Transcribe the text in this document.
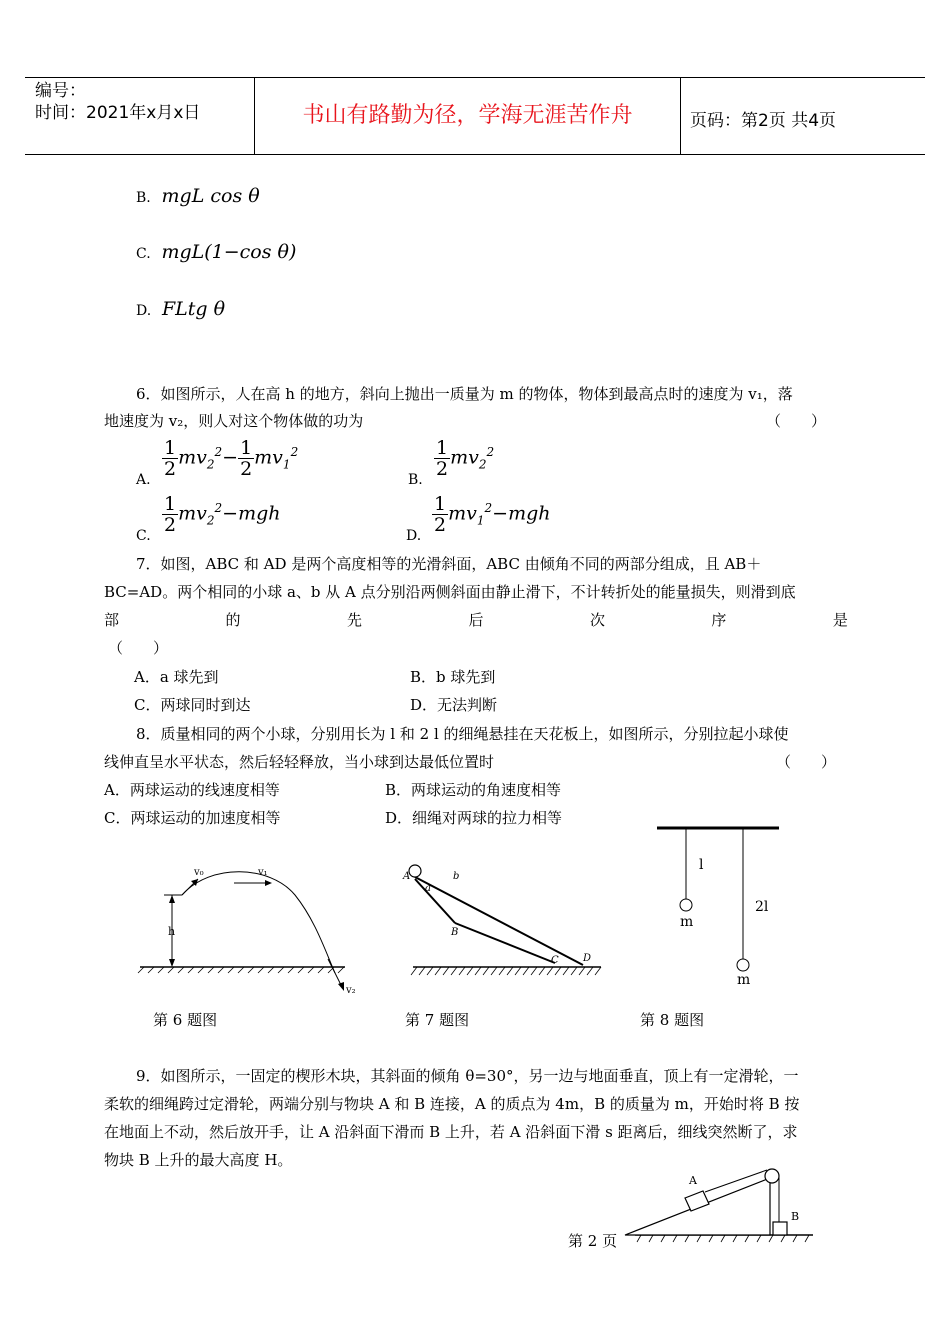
编号：
时间：2021年x月x日	书山有路勤为径，学海无涯苦作舟	页码：第2页 共4页
B. mgL cos θ
C. mgL(1−cos θ)
D. FLtg θ
6．如图所示，人在高 h 的地方，斜向上抛出一质量为 m 的物体，物体到最高点时的速度为 v₁，落
地速度为 v₂，则人对这个物体做的功为	（　　）
A.
$\frac{1}{2} mv_2^2- \frac{1}{2} mv_1^2$
B.
$\frac{1}{2} mv_2^2$
C.
$\frac{1}{2} mv_2^2-mgh$
D.
$\frac{1}{2} mv_1^2-mgh$
7．如图，ABC 和 AD 是两个高度相等的光滑斜面，ABC 由倾角不同的两部分组成，且 AB＋
BC=AD。两个相同的小球 a、b 从 A 点分别沿两侧斜面由静止滑下，不计转折处的能量损失，则滑到底
部	的	先	后	次	序	是
（　　）
A．a 球先到	B．b 球先到
C．两球同时到达	D．无法判断
8．质量相同的两个小球，分别用长为 l 和 2 l 的细绳悬挂在天花板上，如图所示，分别拉起小球使
线伸直呈水平状态，然后轻轻释放，当小球到达最低位置时	（　　）
A．两球运动的线速度相等	B．两球运动的角速度相等
C．两球运动的加速度相等	D．细绳对两球的拉力相等
h
v₀	v₁
v₂
第 6 题图
A
a
b
B
C D
第 7 题图
l
m
2l
m
第 8 题图
9．如图所示，一固定的楔形木块，其斜面的倾角 θ=30°，另一边与地面垂直，顶上有一定滑轮，一
柔软的细绳跨过定滑轮，两端分别与物块 A 和 B 连接，A 的质点为 4m，B 的质量为 m，开始时将 B 按
在地面上不动，然后放开手，让 A 沿斜面下滑而 B 上升，若 A 沿斜面下滑 s 距离后，细线突然断了，求
物块 B 上升的最大高度 H。
A
B
第 2 页
